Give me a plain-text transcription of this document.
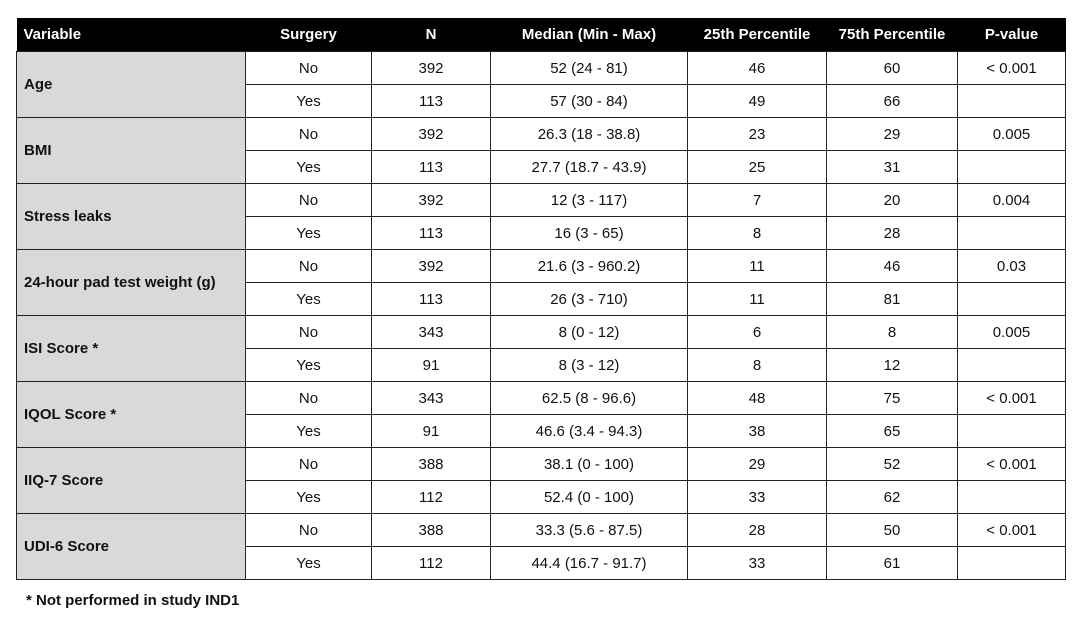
Variable	Surgery	N	Median (Min - Max)	25th Percentile	75th Percentile	P-value
Age	No	392	52 (24 - 81)	46	60	< 0.001
	Yes	113	57 (30 - 84)	49	66	
BMI	No	392	26.3 (18 - 38.8)	23	29	0.005
	Yes	113	27.7 (18.7 - 43.9)	25	31	
Stress leaks	No	392	12 (3 - 117)	7	20	0.004
	Yes	113	16 (3 - 65)	8	28	
24-hour pad test weight (g)	No	392	21.6 (3 - 960.2)	11	46	0.03
	Yes	113	26 (3 - 710)	11	81	
ISI Score *	No	343	8 (0 - 12)	6	8	0.005
	Yes	91	8 (3 - 12)	8	12	
IQOL Score *	No	343	62.5 (8 - 96.6)	48	75	< 0.001
	Yes	91	46.6 (3.4 - 94.3)	38	65	
IIQ-7 Score	No	388	38.1 (0 - 100)	29	52	< 0.001
	Yes	112	52.4 (0 - 100)	33	62	
UDI-6 Score	No	388	33.3 (5.6 - 87.5)	28	50	< 0.001
	Yes	112	44.4 (16.7 - 91.7)	33	61	
* Not performed in study IND1
